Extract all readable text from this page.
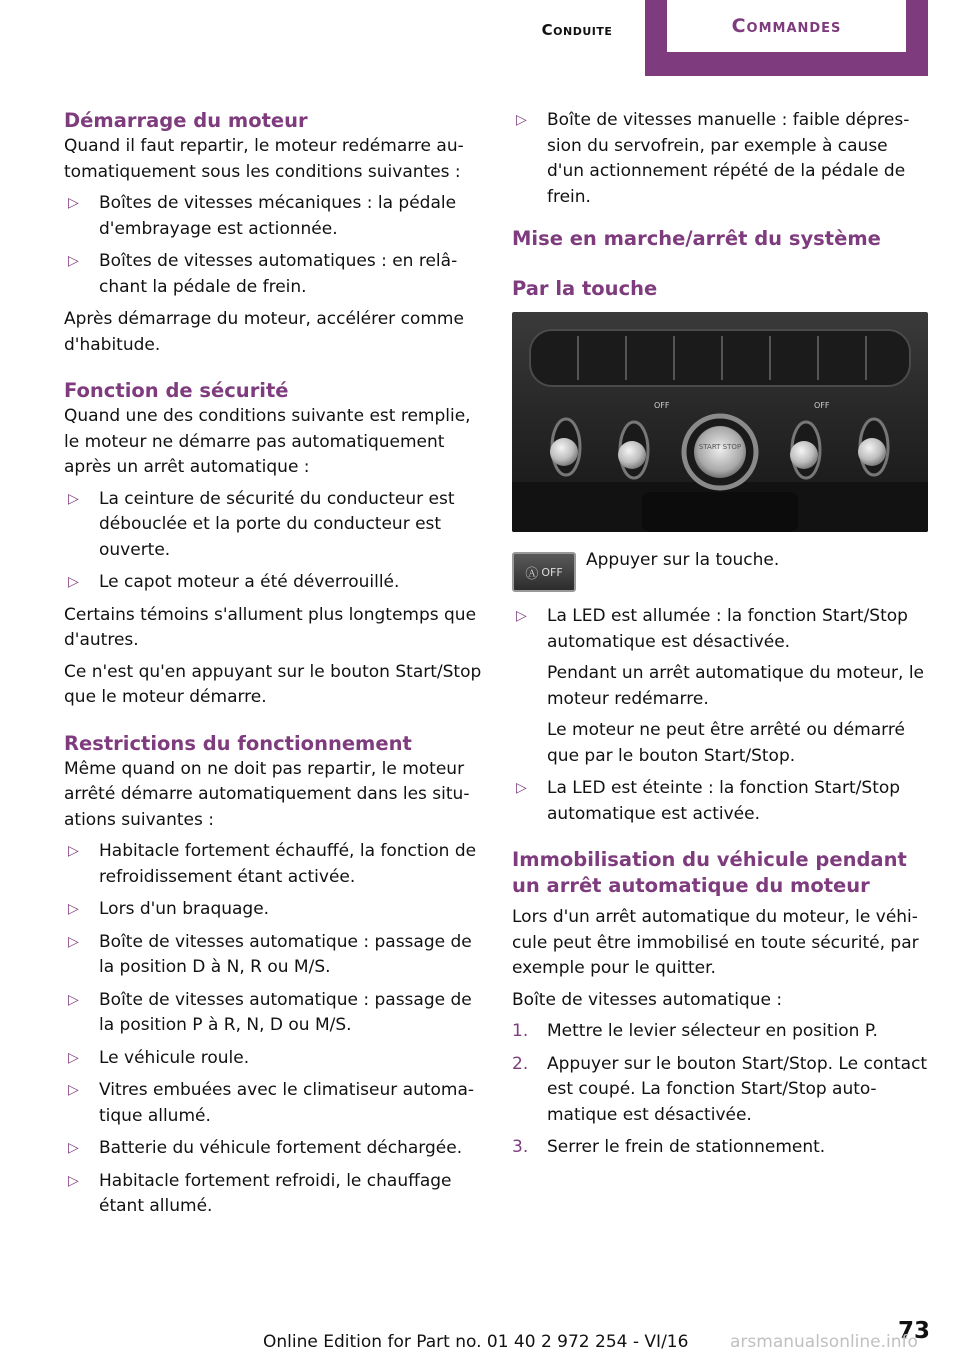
Conduite	Commandes
Démarrage du moteur

Quand il faut repartir, le moteur redémarre automatiquement sous les conditions suivantes :

▷ Boîtes de vitesses mécaniques : la pédale d'embrayage est actionnée.
▷ Boîtes de vitesses automatiques : en relâchant la pédale de frein.

Après démarrage du moteur, accélérer comme d'habitude.

Fonction de sécurité

Quand une des conditions suivante est remplie, le moteur ne démarre pas automatiquement après un arrêt automatique :

▷ La ceinture de sécurité du conducteur est débouclée et la porte du conducteur est ouverte.
▷ Le capot moteur a été déverrouillé.

Certains témoins s'allument plus longtemps que d'autres.

Ce n'est qu'en appuyant sur le bouton Start/Stop que le moteur démarre.

Restrictions du fonctionnement

Même quand on ne doit pas repartir, le moteur arrêté démarre automatiquement dans les situations suivantes :

▷ Habitacle fortement échauffé, la fonction de refroidissement étant activée.
▷ Lors d'un braquage.
▷ Boîte de vitesses automatique : passage de la position D à N, R ou M/S.
▷ Boîte de vitesses automatique : passage de la position P à R, N, D ou M/S.
▷ Le véhicule roule.
▷ Vitres embuées avec le climatiseur automatique allumé.
▷ Batterie du véhicule fortement déchargée.
▷ Habitacle fortement refroidi, le chauffage étant allumé.
▷ Boîte de vitesses manuelle : faible dépression du servofrein, par exemple à cause d'un actionnement répété de la pédale de frein.
Mise en marche/arrêt du système
Par la touche
START STOP
OFF	OFF
Ⓐ OFF
Appuyer sur la touche.
▷ La LED est allumée : la fonction Start/Stop automatique est désactivée.
Pendant un arrêt automatique du moteur, le moteur redémarre.
Le moteur ne peut être arrêté ou démarré que par le bouton Start/Stop.
▷ La LED est éteinte : la fonction Start/Stop automatique est activée.
Immobilisation du véhicule pendant un arrêt automatique du moteur

Lors d'un arrêt automatique du moteur, le véhicule peut être immobilisé en toute sécurité, par exemple pour le quitter.

Boîte de vitesses automatique :

1. Mettre le levier sélecteur en position P.
2. Appuyer sur le bouton Start/Stop. Le contact est coupé. La fonction Start/Stop automatique est désactivée.
3. Serrer le frein de stationnement.
Online Edition for Part no. 01 40 2 972 254 - VI/16	73
arsmanualsonline.info
